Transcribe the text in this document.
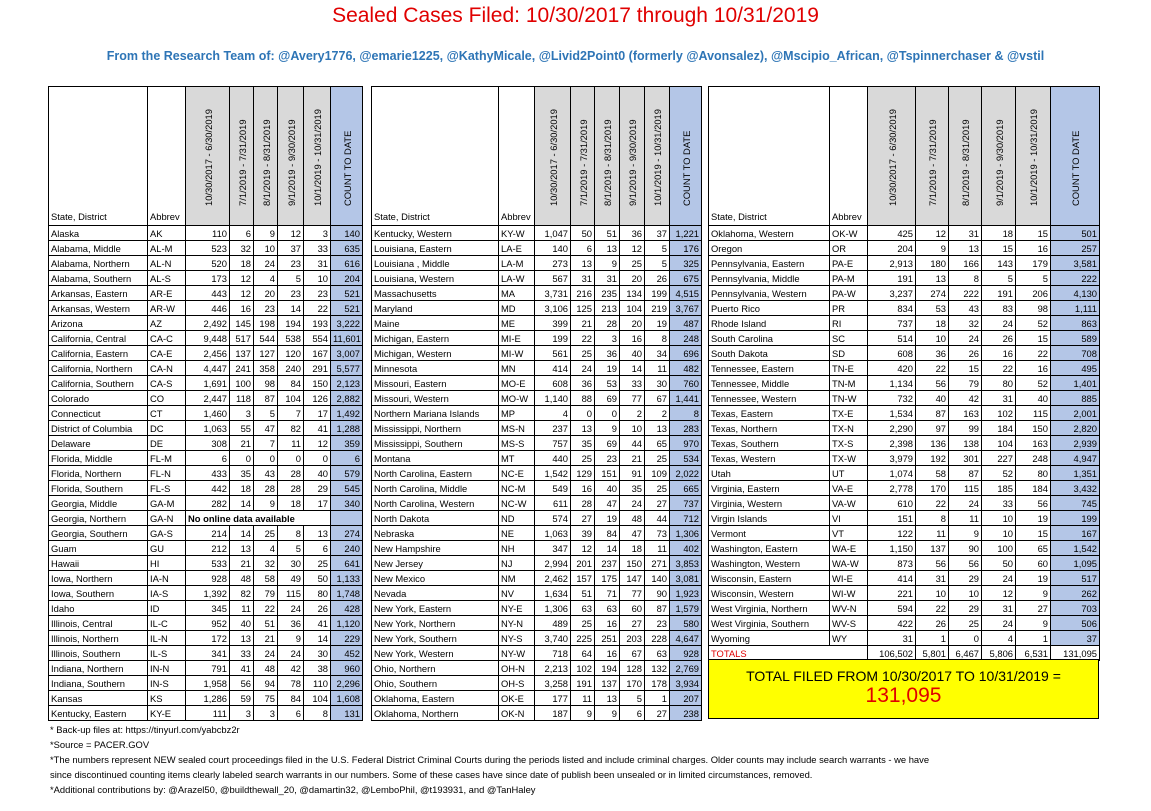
Sealed Cases Filed: 10/30/2017 through 10/31/2019
From the Research Team of: @Avery1776, @emarie1225, @KathyMicale, @Livid2Point0 (formerly @Avonsalez), @Mscipio_African, @Tspinnerchaser & @vstil
State, District	Abbrev	10/30/2017 - 6/30/2019	7/1/2019 - 7/31/2019	8/1/2019 - 8/31/2019	9/1/2019 - 9/30/2019	10/1/2019 - 10/31/2019	COUNT TO DATE

Alaska	AK	110	6	9	12	3	140
Alabama, Middle	AL-M	523	32	10	37	33	635
Alabama, Northern	AL-N	520	18	24	23	31	616
Alabama, Southern	AL-S	173	12	4	5	10	204
Arkansas, Eastern	AR-E	443	12	20	23	23	521
Arkansas, Western	AR-W	446	16	23	14	22	521
Arizona	AZ	2,492	145	198	194	193	3,222
California, Central	CA-C	9,448	517	544	538	554	11,601
California, Eastern	CA-E	2,456	137	127	120	167	3,007
California, Northern	CA-N	4,447	241	358	240	291	5,577
California, Southern	CA-S	1,691	100	98	84	150	2,123
Colorado	CO	2,447	118	87	104	126	2,882
Connecticut	CT	1,460	3	5	7	17	1,492
District of Columbia	DC	1,063	55	47	82	41	1,288
Delaware	DE	308	21	7	11	12	359
Florida, Middle	FL-M	6	0	0	0	0	6
Florida, Northern	FL-N	433	35	43	28	40	579
Florida, Southern	FL-S	442	18	28	28	29	545
Georgia, Middle	GA-M	282	14	9	18	17	340
Georgia, Northern	GA-N	No online data available					
Georgia, Southern	GA-S	214	14	25	8	13	274
Guam	GU	212	13	4	5	6	240
Hawaii	HI	533	21	32	30	25	641
Iowa, Northern	IA-N	928	48	58	49	50	1,133
Iowa, Southern	IA-S	1,392	82	79	115	80	1,748
Idaho	ID	345	11	22	24	26	428
Illinois, Central	IL-C	952	40	51	36	41	1,120
Illinois, Northern	IL-N	172	13	21	9	14	229
Illinois, Southern	IL-S	341	33	24	24	30	452
Indiana, Northern	IN-N	791	41	48	42	38	960
Indiana, Southern	IN-S	1,958	56	94	78	110	2,296
Kansas	KS	1,286	59	75	84	104	1,608
Kentucky, Eastern	KY-E	111	3	3	6	8	131
State, District	Abbrev	10/30/2017 - 6/30/2019	7/1/2019 - 7/31/2019	8/1/2019 - 8/31/2019	9/1/2019 - 9/30/2019	10/1/2019 - 10/31/2019	COUNT TO DATE

Kentucky, Western	KY-W	1,047	50	51	36	37	1,221
Louisiana, Eastern	LA-E	140	6	13	12	5	176
Louisiana , Middle	LA-M	273	13	9	25	5	325
Louisiana, Western	LA-W	567	31	31	20	26	675
Massachusetts	MA	3,731	216	235	134	199	4,515
Maryland	MD	3,106	125	213	104	219	3,767
Maine	ME	399	21	28	20	19	487
Michigan, Eastern	MI-E	199	22	3	16	8	248
Michigan, Western	MI-W	561	25	36	40	34	696
Minnesota	MN	414	24	19	14	11	482
Missouri, Eastern	MO-E	608	36	53	33	30	760
Missouri, Western	MO-W	1,140	88	69	77	67	1,441
Northern Mariana Islands	MP	4	0	0	2	2	8
Mississippi, Northern	MS-N	237	13	9	10	13	283
Mississippi, Southern	MS-S	757	35	69	44	65	970
Montana	MT	440	25	23	21	25	534
North Carolina, Eastern	NC-E	1,542	129	151	91	109	2,022
North Carolina, Middle	NC-M	549	16	40	35	25	665
North Carolina, Western	NC-W	611	28	47	24	27	737
North Dakota	ND	574	27	19	48	44	712
Nebraska	NE	1,063	39	84	47	73	1,306
New Hampshire	NH	347	12	14	18	11	402
New Jersey	NJ	2,994	201	237	150	271	3,853
New Mexico	NM	2,462	157	175	147	140	3,081
Nevada	NV	1,634	51	71	77	90	1,923
New York, Eastern	NY-E	1,306	63	63	60	87	1,579
New York, Northern	NY-N	489	25	16	27	23	580
New York, Southern	NY-S	3,740	225	251	203	228	4,647
New York, Western	NY-W	718	64	16	67	63	928
Ohio, Northern	OH-N	2,213	102	194	128	132	2,769
Ohio, Southern	OH-S	3,258	191	137	170	178	3,934
Oklahoma, Eastern	OK-E	177	11	13	5	1	207
Oklahoma, Northern	OK-N	187	9	9	6	27	238
State, District	Abbrev	10/30/2017 - 6/30/2019	7/1/2019 - 7/31/2019	8/1/2019 - 8/31/2019	9/1/2019 - 9/30/2019	10/1/2019 - 10/31/2019	COUNT TO DATE

Oklahoma, Western	OK-W	425	12	31	18	15	501
Oregon	OR	204	9	13	15	16	257
Pennsylvania, Eastern	PA-E	2,913	180	166	143	179	3,581
Pennsylvania, Middle	PA-M	191	13	8	5	5	222
Pennsylvania, Western	PA-W	3,237	274	222	191	206	4,130
Puerto Rico	PR	834	53	43	83	98	1,111
Rhode Island	RI	737	18	32	24	52	863
South Carolina	SC	514	10	24	26	15	589
South Dakota	SD	608	36	26	16	22	708
Tennessee, Eastern	TN-E	420	22	15	22	16	495
Tennessee, Middle	TN-M	1,134	56	79	80	52	1,401
Tennessee, Western	TN-W	732	40	42	31	40	885
Texas, Eastern	TX-E	1,534	87	163	102	115	2,001
Texas, Northern	TX-N	2,290	97	99	184	150	2,820
Texas, Southern	TX-S	2,398	136	138	104	163	2,939
Texas, Western	TX-W	3,979	192	301	227	248	4,947
Utah	UT	1,074	58	87	52	80	1,351
Virginia, Eastern	VA-E	2,778	170	115	185	184	3,432
Virginia, Western	VA-W	610	22	24	33	56	745
Virgin Islands	VI	151	8	11	10	19	199
Vermont	VT	122	11	9	10	15	167
Washington, Eastern	WA-E	1,150	137	90	100	65	1,542
Washington, Western	WA-W	873	56	56	50	60	1,095
Wisconsin, Eastern	WI-E	414	31	29	24	19	517
Wisconsin, Western	WI-W	221	10	10	12	9	262
West Virginia, Northern	WV-N	594	22	29	31	27	703
West Virginia, Southern	WV-S	422	26	25	24	9	506
Wyoming	WY	31	1	0	4	1	37
TOTALS		106,502	5,801	6,467	5,806	6,531	131,095
TOTAL FILED FROM 10/30/2017 TO 10/31/2019 =
131,095
* Back-up files at: https://tinyurl.com/yabcbz2r
*Source = PACER.GOV
*The numbers represent NEW sealed court proceedings filed in the U.S. Federal District Criminal Courts during the periods listed and include criminal charges. Older counts may include search warrants - we have
since discontinued counting items clearly labeled search warrants in our numbers. Some of these cases have since date of publish been unsealed or in limited circumstances, removed.
*Additional contributions by: @Arazel50, @buildthewall_20, @damartin32, @LemboPhil, @t193931, and @TanHaley
